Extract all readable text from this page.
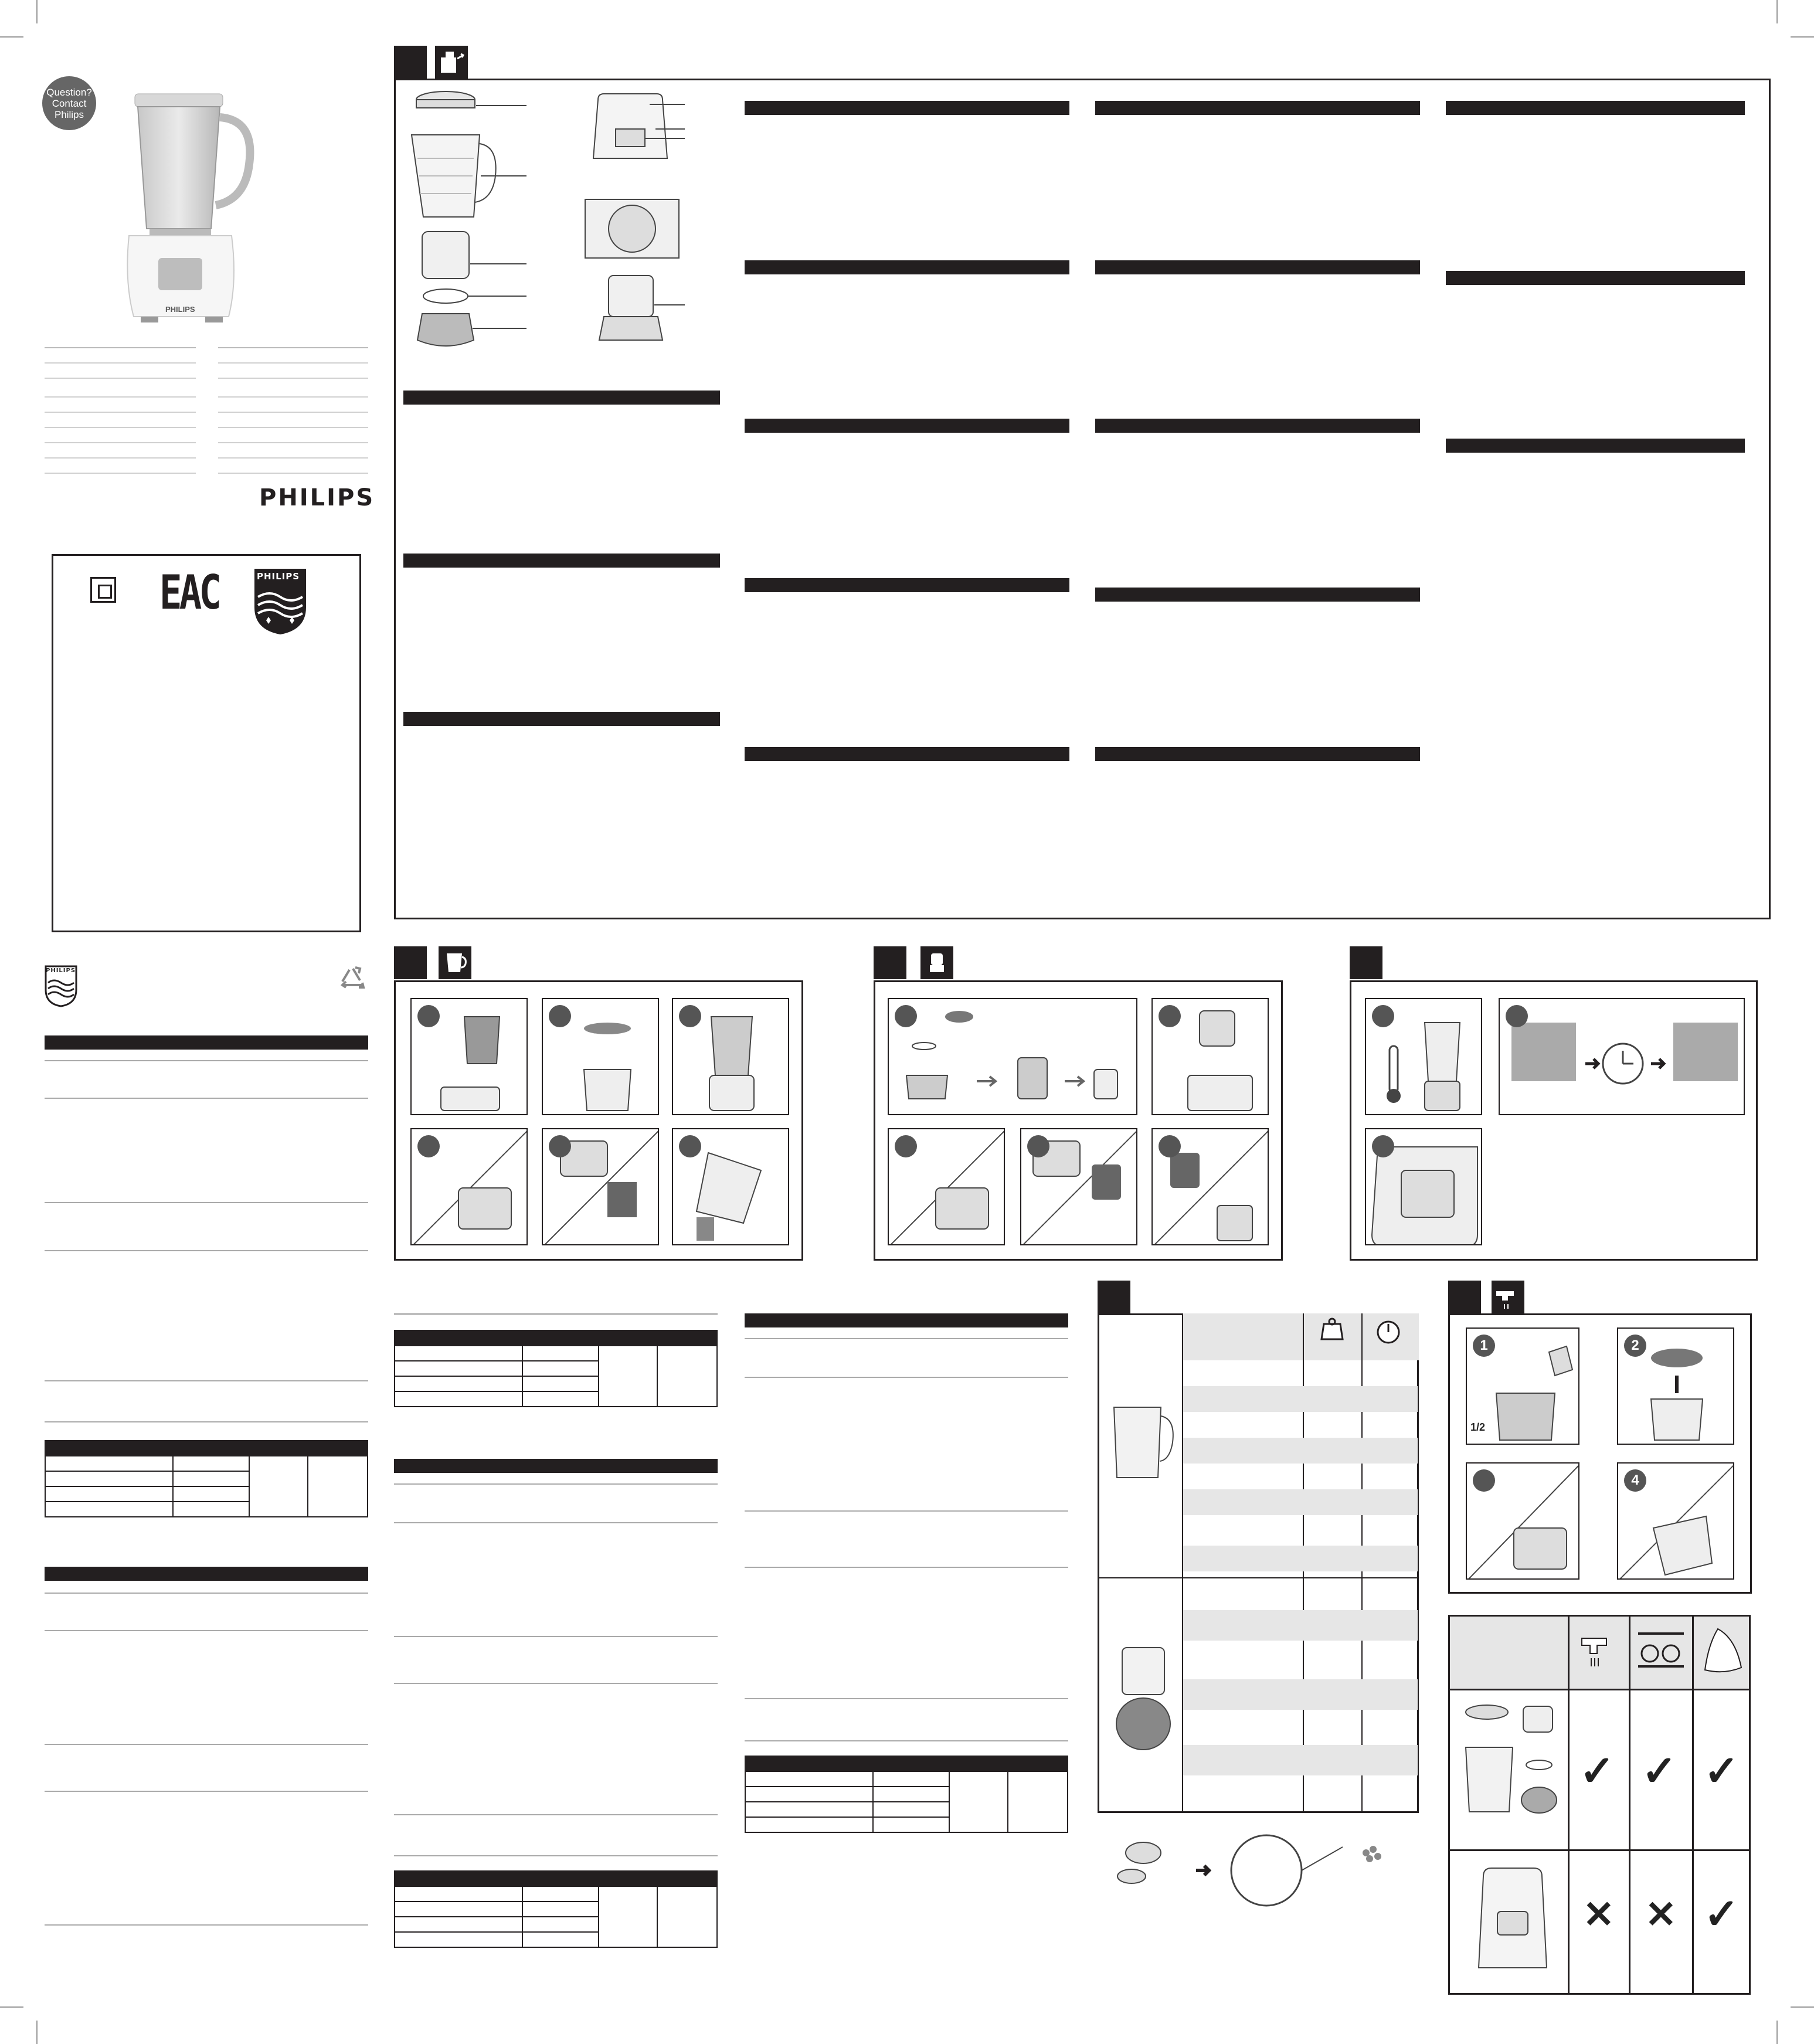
Question?
Contact
Philips
PHILIPS
PHILIPS
EAC	PHILIPS
PHILIPS

1
1/2
2
4
✓ ✓ ✓
✕ ✕ ✓
